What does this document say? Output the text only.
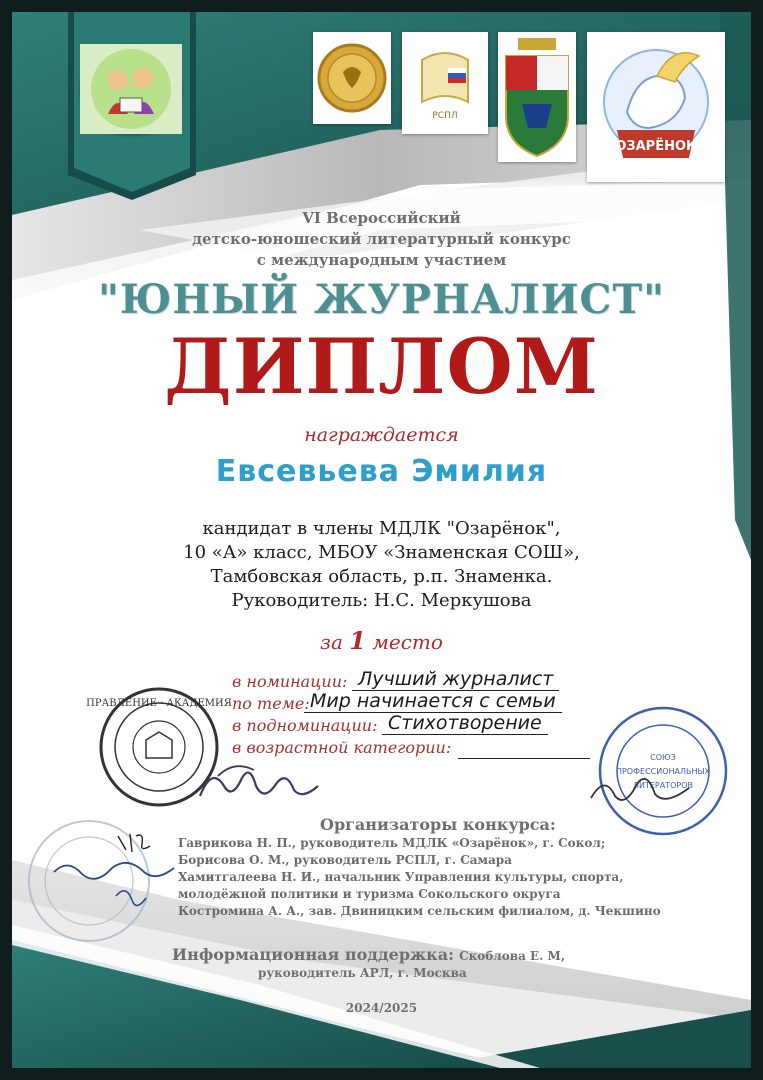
РСПЛ
ОЗАРЁНОК
VI Всероссийский
детско-юношеский литературный конкурс
с международным участием
"ЮНЫЙ ЖУРНАЛИСТ"
ДИПЛОМ
награждается
Евсевьева Эмилия
кандидат в члены МДЛК "Озарёнок",
10 «А» класс, МБОУ «Знаменская СОШ»,
Тамбовская область, р.п. Знаменка.
Руководитель: Н.С. Меркушова
за 1 место
в номинации: Лучший журналист
по теме: Мир начинается с семьи
в подноминации: Стихотворение
в возрастной категории:
ПРАВЛЕНИЕ · АКАДЕМИЯ
СОЮЗ
ПРОФЕССИОНАЛЬНЫХ
ЛИТЕРАТОРОВ
Организаторы конкурса:
Гаврикова Н. П., руководитель МДЛК «Озарёнок», г. Сокол;
Борисова О. М., руководитель РСПЛ, г. Самара
Хамитгалеева Н. И., начальник Управления культуры, спорта,
молодёжной политики и туризма Сокольского округа
Костромина А. А., зав. Двиницким сельским филиалом, д. Чекшино
Информационная поддержка: Скоблова Е. М,
руководитель АРЛ, г. Москва
2024/2025
